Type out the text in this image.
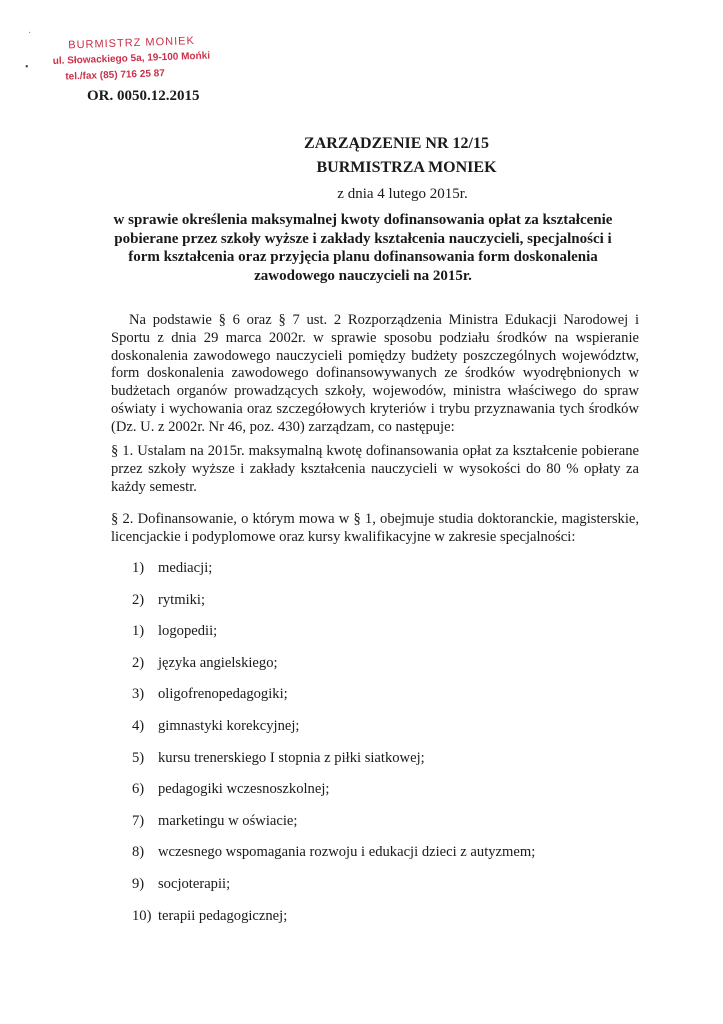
·
•
BURMISTRZ MONIEK
ul. Słowackiego 5a, 19-100 Mońki
tel./fax (85) 716 25 87
OR. 0050.12.2015
ZARZĄDZENIE NR 12/15
BURMISTRZA MONIEK
z dnia 4 lutego 2015r.
w sprawie określenia maksymalnej kwoty dofinansowania opłat za kształcenie pobierane przez szkoły wyższe i zakłady kształcenia nauczycieli, specjalności i form kształcenia oraz przyjęcia planu dofinansowania form doskonalenia zawodowego nauczycieli na 2015r.
Na podstawie § 6 oraz § 7 ust. 2 Rozporządzenia Ministra Edukacji Narodowej i Sportu z dnia 29 marca 2002r. w sprawie sposobu podziału środków na wspieranie doskonalenia zawodowego nauczycieli pomiędzy budżety poszczególnych województw, form doskonalenia zawodowego dofinansowywanych ze środków wyodrębnionych w budżetach organów prowadzących szkoły, wojewodów, ministra właściwego do spraw oświaty i wychowania oraz szczegółowych kryteriów i trybu przyznawania tych środków (Dz. U. z 2002r. Nr 46, poz. 430) zarządzam, co następuje:
§ 1. Ustalam na 2015r. maksymalną kwotę dofinansowania opłat za kształcenie pobierane przez szkoły wyższe i zakłady kształcenia nauczycieli w wysokości do 80 % opłaty za każdy semestr.
§ 2. Dofinansowanie, o którym mowa w § 1, obejmuje studia doktoranckie, magisterskie, licencjackie i podyplomowe oraz kursy kwalifikacyjne w zakresie specjalności:
1) mediacji;
2) rytmiki;
1) logopedii;
2) języka angielskiego;
3) oligofrenopedagogiki;
4) gimnastyki korekcyjnej;
5) kursu trenerskiego I stopnia z piłki siatkowej;
6) pedagogiki wczesnoszkolnej;
7) marketingu w oświacie;
8) wczesnego wspomagania rozwoju i edukacji dzieci z autyzmem;
9) socjoterapii;
10) terapii pedagogicznej;
